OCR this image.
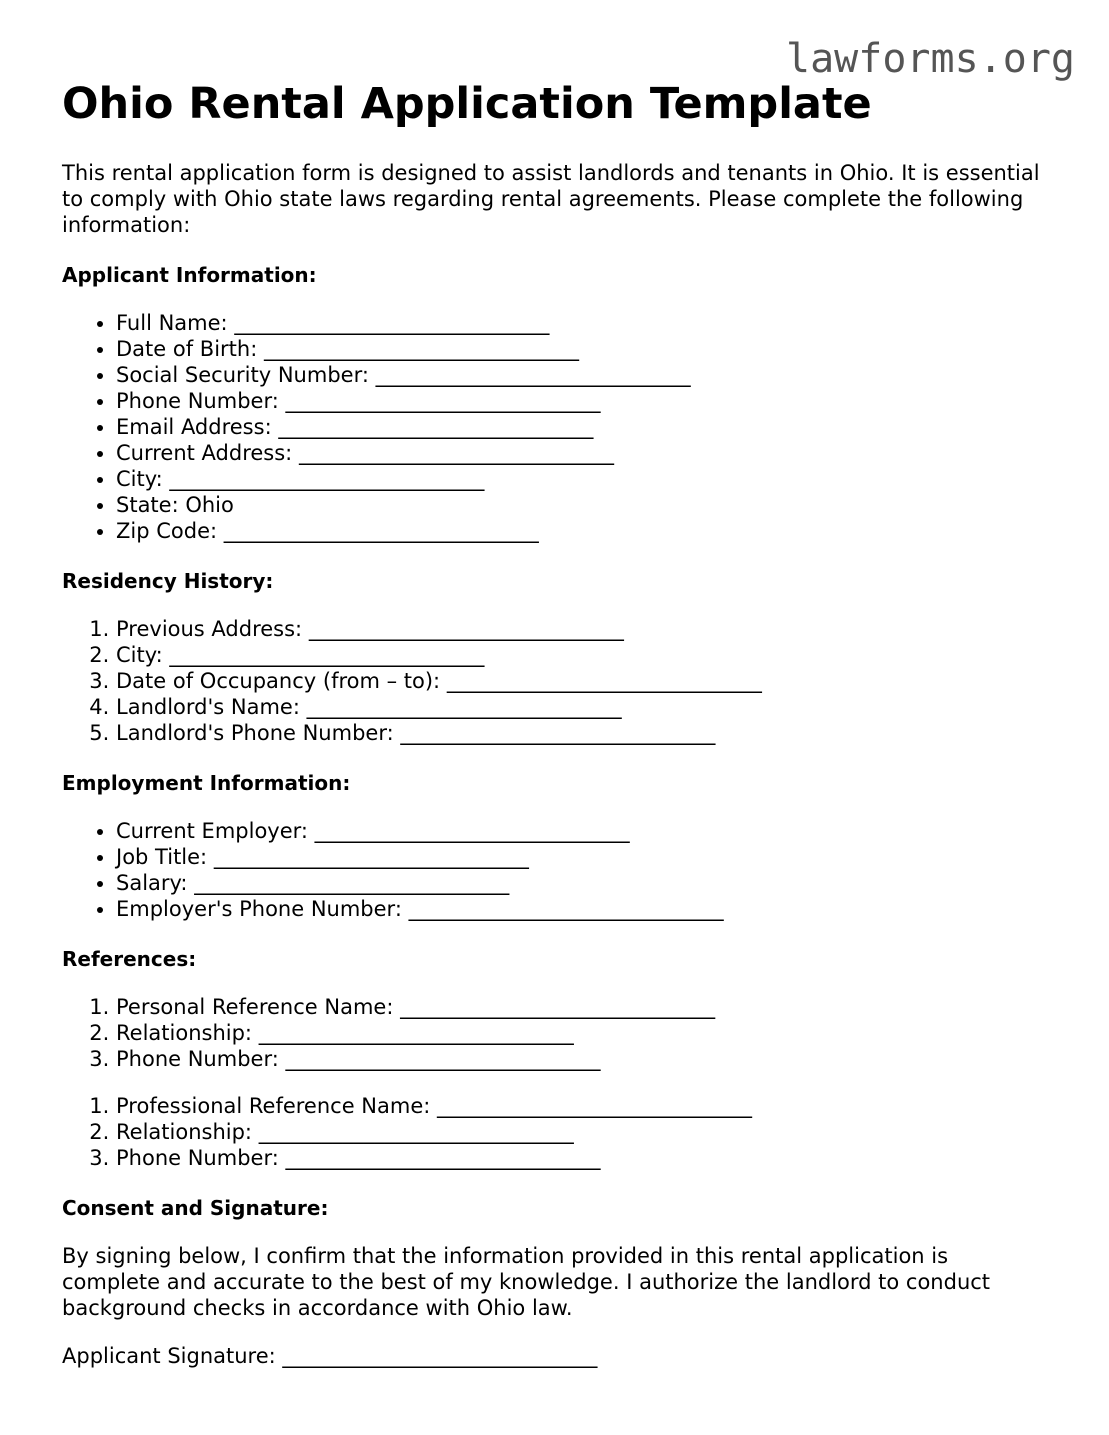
lawforms.org
Ohio Rental Application Template

This rental application form is designed to assist landlords and tenants in Ohio. It is essential to comply with Ohio state laws regarding rental agreements. Please complete the following information:

Applicant Information:
• Full Name: ______________________________
• Date of Birth: ______________________________
• Social Security Number: ______________________________
• Phone Number: ______________________________
• Email Address: ______________________________
• Current Address: ______________________________
• City: ______________________________
• State: Ohio
• Zip Code: ______________________________
Residency History:
1. Previous Address: ______________________________
2. City: ______________________________
3. Date of Occupancy (from – to): ______________________________
4. Landlord's Name: ______________________________
5. Landlord's Phone Number: ______________________________
Employment Information:
• Current Employer: ______________________________
• Job Title: ______________________________
• Salary: ______________________________
• Employer's Phone Number: ______________________________
References:
1. Personal Reference Name: ______________________________
2. Relationship: ______________________________
3. Phone Number: ______________________________
1. Professional Reference Name: ______________________________
2. Relationship: ______________________________
3. Phone Number: ______________________________
Consent and Signature:

By signing below, I confirm that the information provided in this rental application is complete and accurate to the best of my knowledge. I authorize the landlord to conduct background checks in accordance with Ohio law.

Applicant Signature: ______________________________
